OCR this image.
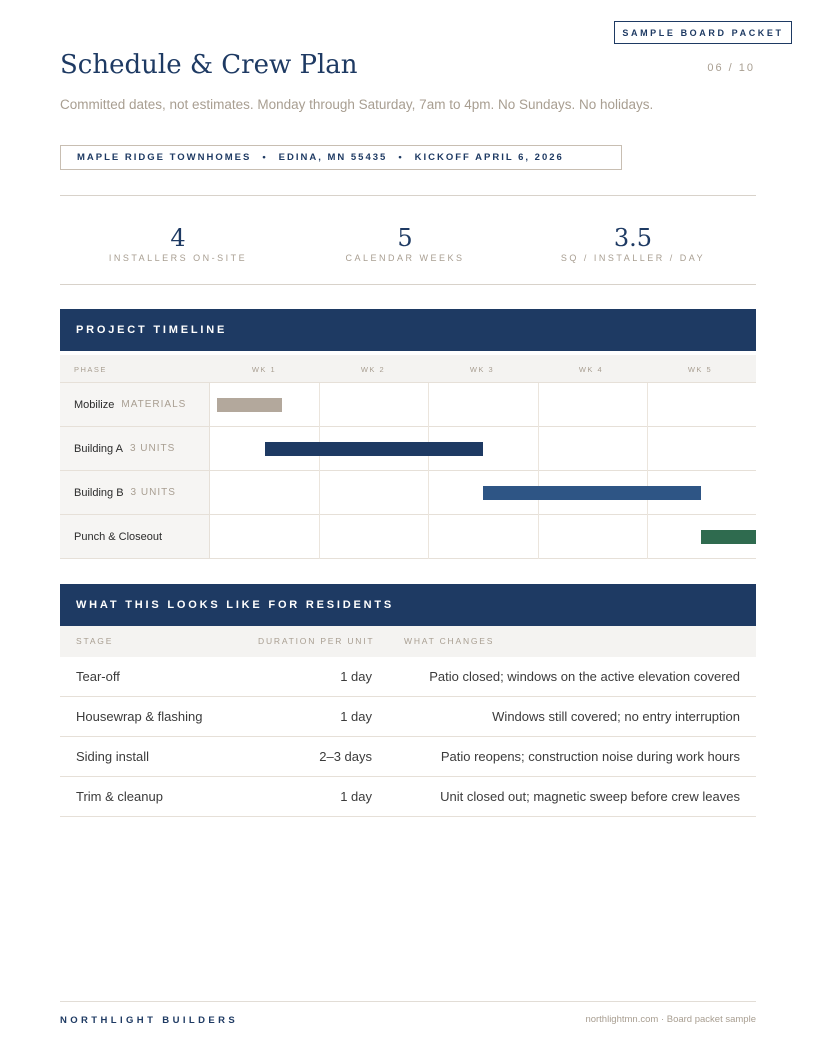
SAMPLE BOARD PACKET
06 / 10
Schedule & Crew Plan
Committed dates, not estimates. Monday through Saturday, 7am to 4pm. No Sundays. No holidays.
MAPLE RIDGE TOWNHOMES • EDINA, MN 55435 • KICKOFF APRIL 6, 2026
4
INSTALLERS ON-SITE
5
CALENDAR WEEKS
3.5
SQ / INSTALLER / DAY
PROJECT TIMELINE
PHASE	WK 1	WK 2	WK 3	WK 4	WK 5
Mobilize MATERIALS
Building A 3 UNITS
Building B 3 UNITS
Punch & Closeout
WHAT THIS LOOKS LIKE FOR RESIDENTS
STAGE	DURATION PER UNIT	WHAT CHANGES
Tear-off	1 day	Patio closed; windows on the active elevation covered
Housewrap & flashing	1 day	Windows still covered; no entry interruption
Siding install	2–3 days	Patio reopens; construction noise during work hours
Trim & cleanup	1 day	Unit closed out; magnetic sweep before crew leaves
NORTHLIGHT BUILDERS	northlightmn.com · Board packet sample
